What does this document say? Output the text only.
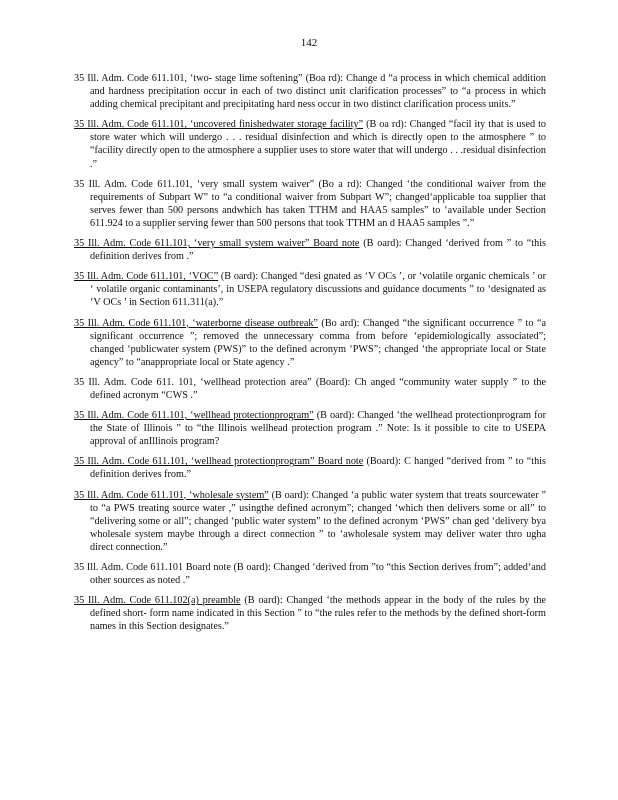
142

35 Ill. Adm. Code 611.101, ‘two- stage lime softening” (Boa rd): Change d “a process in which chemical addition and hardness precipitation occur in each of two distinct unit clarification processes” to “a process in which adding chemical precipitant and precipitating hard ness occur in two distinct clarification process units.”

35 Ill. Adm. Code 611.101, ‘uncovered finishedwater storage facility” (B oa rd): Changed “facil ity that is used to store water which will undergo . . . residual disinfection and which is directly open to the atmosphere ” to “facility directly open to the atmosphere a supplier uses to store water that will undergo . . .residual disinfection .”

35 Ill. Adm. Code 611.101, ‘very small system waiver” (Bo a rd): Changed ‘the conditional waiver from the requirements of Subpart W” to “a conditional waiver from Subpart W”; changed‘applicable toa supplier that serves fewer than 500 persons andwhich has taken TTHM and HAA5 samples” to ‘available under Section 611.924 to a supplier serving fewer than 500 persons that took TTHM an d HAA5 samples ”.”

35 Ill. Adm. Code 611.101, ‘very small system waiver” Board note (B oard): Changed ‘derived from ” to “this definition derives from .”

35 Ill. Adm. Code 611.101, ‘VOC” (B oard): Changed “desi gnated as ‘V OCs ’, or ‘volatile organic chemicals ’ or ‘ volatile organic contaminants’, in USEPA regulatory discussions and guidance documents ” to ‘designated as ‘V OCs ’ in Section 611.311(a).”

35 Ill. Adm. Code 611.101, ‘waterborne disease outbreak” (Bo ard): Changed “the significant occurrence ” to “a significant occurrence ”; removed the unnecessary comma from before ‘epidemiologically associated”; changed ‘publicwater system (PWS)” to the defined acronym ‘PWS”; changed ‘the appropriate local or State agency” to “anappropriate local or State agency .”

35 Ill. Adm. Code 611. 101, ‘wellhead protection area” (Board): Ch anged “community water supply ” to the defined acronym “CWS .”

35 Ill. Adm. Code 611.101, ‘wellhead protectionprogram” (B oard): Changed ‘the wellhead protectionprogram for the State of Illinois ” to “the Illinois wellhead protection program .” Note: Is it possible to cite to USEPA approval of anIllinois program?

35 Ill. Adm. Code 611.101, ‘wellhead protectionprogram” Board note (Board): C hanged “derived from ” to “this definition derives from.”

35 Ill. Adm. Code 611.101, ‘wholesale system” (B oard): Changed ‘a public water system that treats sourcewater ” to “a PWS treating source water ,” usingthe defined acronym”; changed ‘which then delivers some or all” to “delivering some or all”; changed ‘public water system” to the defined acronym ‘PWS” chan ged ‘delivery bya wholesale system maybe through a direct connection ” to ‘awholesale system may deliver water thro ugha direct connection.”

35 Ill. Adm. Code 611.101 Board note (B oard): Changed ‘derived from ”to “this Section derives from”; added‘and other sources as noted .”

35 Ill. Adm. Code 611.102(a) preamble (B oard): Changed ‘the methods appear in the body of the rules by the defined short- form name indicated in this Section ” to “the rules refer to the methods by the defined short-form names in this Section designates.”
